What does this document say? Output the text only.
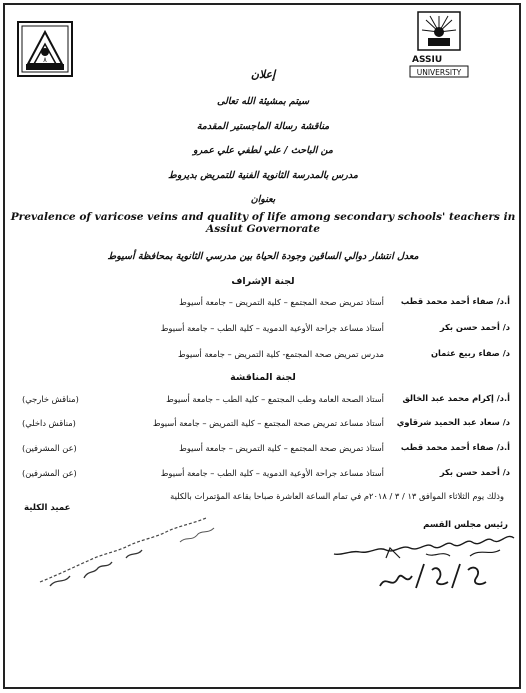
٨	ASSIU
UNIVERSITY
إعلان
سيتم بمشيئة الله تعالى
مناقشة رسالة الماجستير المقدمة
من الباحث / علي لطفي علي عمرو
مدرس بالمدرسة الثانوية الفنية للتمريض بديروط
بعنوان
Prevalence of varicose veins and quality of life among secondary schools' teachers in Assiut Governorate
معدل انتشار دوالي الساقين وجودة الحياة بين مدرسي الثانوية بمحافظة أسيوط
لجنة الإشراف
أ.د/ صفاء أحمد محمد قطب
أستاذ تمريض صحة المجتمع – كلية التمريض – جامعة أسيوط
د/ أحمد حسن بكر
أستاذ مساعد جراحة الأوعية الدموية – كلية الطب – جامعة أسيوط
د/ صفاء ربيع عثمان
مدرس تمريض صحة المجتمع- كلية التمريض – جامعة أسيوط
لجنة المناقشة
أ.د/ إكرام محمد عبد الخالق
أستاذ الصحة العامة وطب المجتمع – كلية الطب – جامعة أسيوط
(مناقش خارجي)
د/ سعاد عبد الحميد شرقاوي
أستاذ مساعد تمريض صحة المجتمع – كلية التمريض – جامعة أسيوط
(مناقش داخلي)
أ.د/ صفاء أحمد محمد قطب
أستاذ تمريض صحة المجتمع – كلية التمريض – جامعة أسيوط
(عن المشرفين)
د/ أحمد حسن بكر
أستاذ مساعد جراحة الأوعية الدموية – كلية الطب – جامعة أسيوط
(عن المشرفين)
وذلك يوم الثلاثاء الموافق ١٣ / ٣ / ٢٠١٨م في تمام الساعة العاشرة صباحا بقاعة المؤتمرات بالكلية
رئيس مجلس القسم
عميد الكلية
